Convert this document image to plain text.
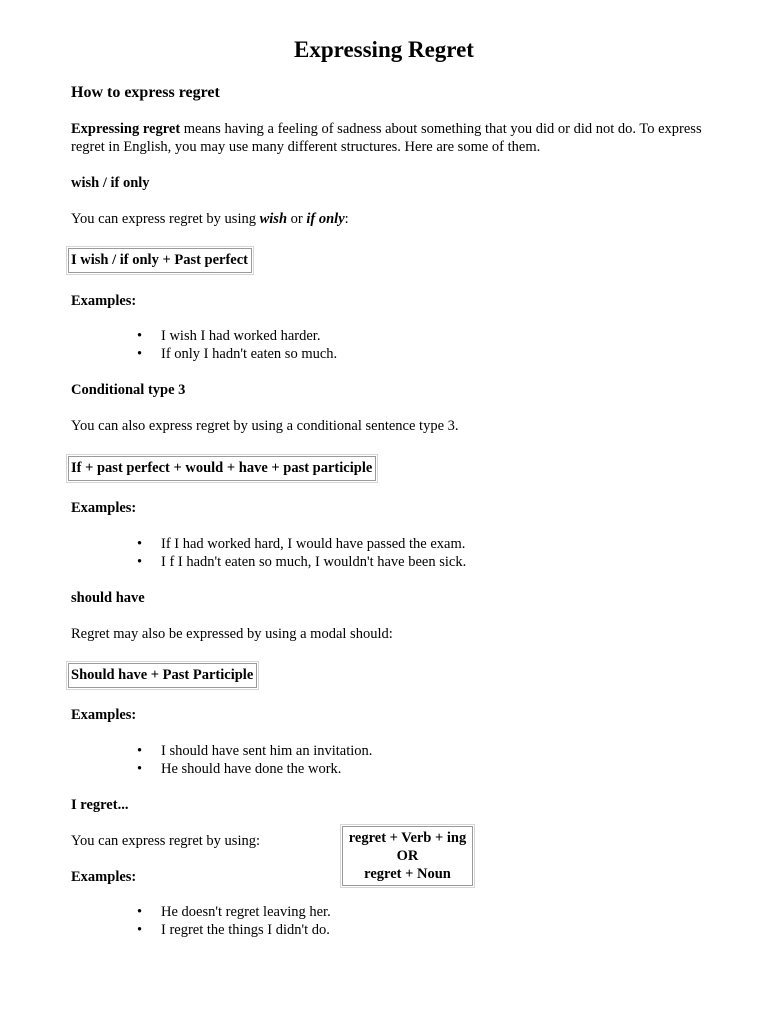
Expressing Regret
How to express regret
Expressing regret means having a feeling of sadness about something that you did or did not do. To express regret in English, you may use many different structures. Here are some of them.
wish / if only
You can express regret by using wish or if only:
I wish / if only + Past perfect
Examples:
• I wish I had worked harder.
• If only I hadn't eaten so much.
Conditional type 3
You can also express regret by using a conditional sentence type 3.
If + past perfect + would + have + past participle
Examples:
• If I had worked hard, I would have passed the exam.
• I f I hadn't eaten so much, I wouldn't have been sick.
should have
Regret may also be expressed by using a modal should:
Should have + Past Participle
Examples:
• I should have sent him an invitation.
• He should have done the work.
I regret...
You can express regret by using:	regret + Verb + ing
OR
regret + Noun
Examples:
• He doesn't regret leaving her.
• I regret the things I didn't do.
